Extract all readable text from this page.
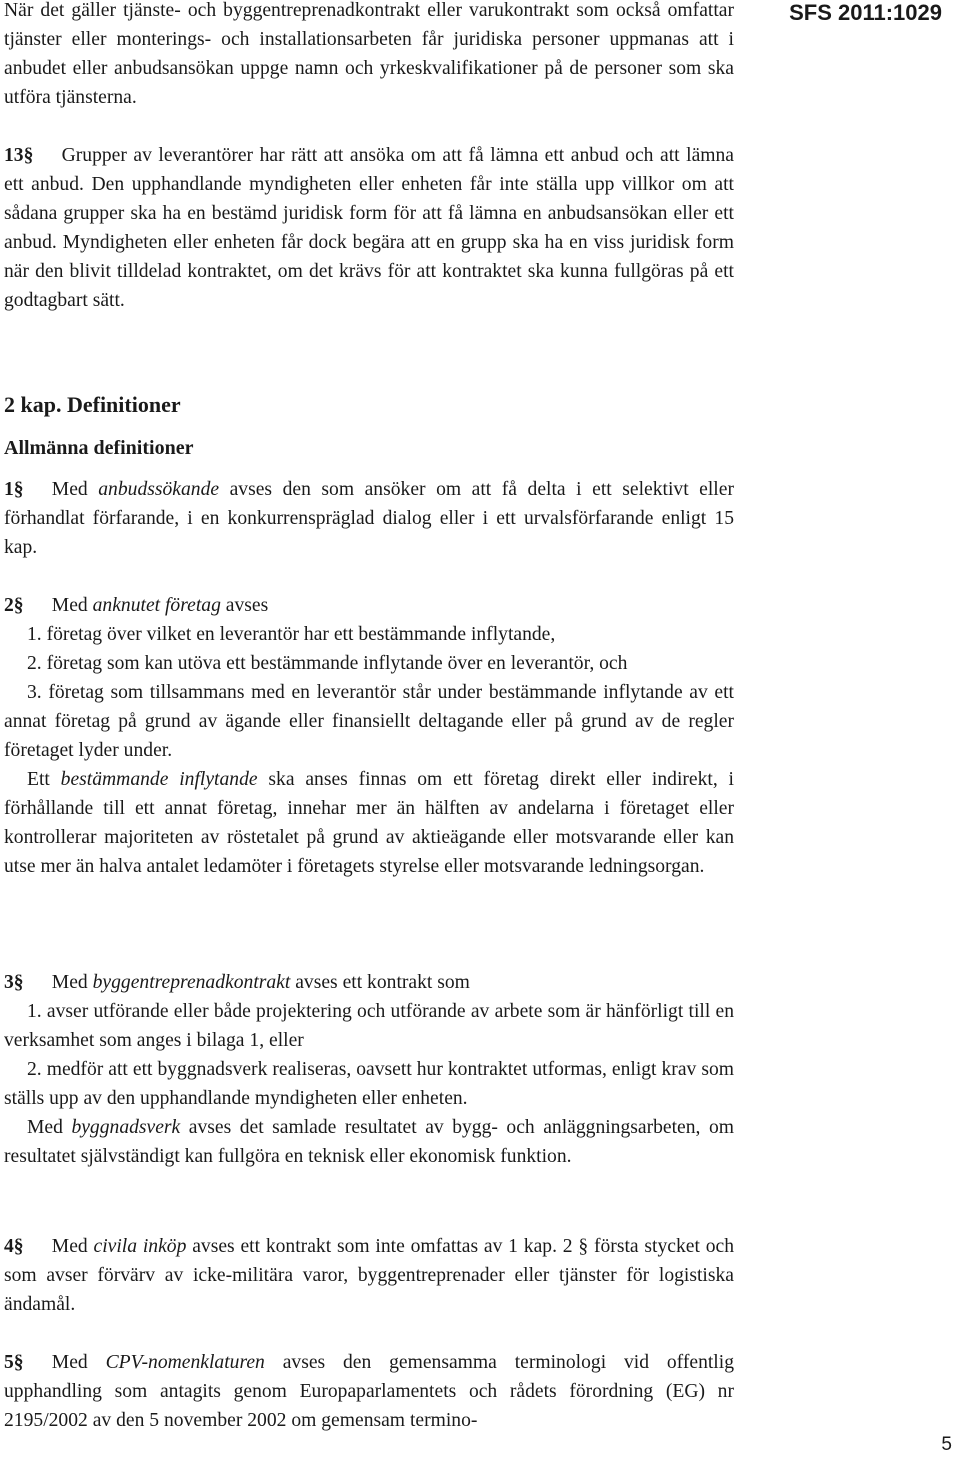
SFS 2011:1029

När det gäller tjänste- och byggentreprenadkontrakt eller varukontrakt som också omfattar tjänster eller monterings- och installationsarbeten får juridiska personer uppmanas att i anbudet eller anbudsansökan uppge namn och yrkeskvalifikationer på de personer som ska utföra tjänsterna.

13§ Grupper av leverantörer har rätt att ansöka om att få lämna ett anbud och att lämna ett anbud. Den upphandlande myndigheten eller enheten får inte ställa upp villkor om att sådana grupper ska ha en bestämd juridisk form för att få lämna en anbudsansökan eller ett anbud. Myndigheten eller enheten får dock begära att en grupp ska ha en viss juridisk form när den blivit tilldelad kontraktet, om det krävs för att kontraktet ska kunna fullgöras på ett godtagbart sätt.

2 kap. Definitioner
Allmänna definitioner

1§ Med anbudssökande avses den som ansöker om att få delta i ett selektivt eller förhandlat förfarande, i en konkurrenspräglad dialog eller i ett urvalsförfarande enligt 15 kap.

2§ Med anknutet företag avses

1. företag över vilket en leverantör har ett bestämmande inflytande,

2. företag som kan utöva ett bestämmande inflytande över en leverantör, och

3. företag som tillsammans med en leverantör står under bestämmande inflytande av ett annat företag på grund av ägande eller finansiellt deltagande eller på grund av de regler företaget lyder under.

Ett bestämmande inflytande ska anses finnas om ett företag direkt eller indirekt, i förhållande till ett annat företag, innehar mer än hälften av andelarna i företaget eller kontrollerar majoriteten av röstetalet på grund av aktieägande eller motsvarande eller kan utse mer än halva antalet ledamöter i företagets styrelse eller motsvarande ledningsorgan.

3§ Med byggentreprenadkontrakt avses ett kontrakt som

1. avser utförande eller både projektering och utförande av arbete som är hänförligt till en verksamhet som anges i bilaga 1, eller

2. medför att ett byggnadsverk realiseras, oavsett hur kontraktet utformas, enligt krav som ställs upp av den upphandlande myndigheten eller enheten.

Med byggnadsverk avses det samlade resultatet av bygg- och anläggningsarbeten, om resultatet självständigt kan fullgöra en teknisk eller ekonomisk funktion.

4§ Med civila inköp avses ett kontrakt som inte omfattas av 1 kap. 2 § första stycket och som avser förvärv av icke-militära varor, byggentreprenader eller tjänster för logistiska ändamål.

5§ Med CPV-nomenklaturen avses den gemensamma terminologi vid offentlig upphandling som antagits genom Europaparlamentets och rådets förordning (EG) nr 2195/2002 av den 5 november 2002 om gemensam termino-

5
